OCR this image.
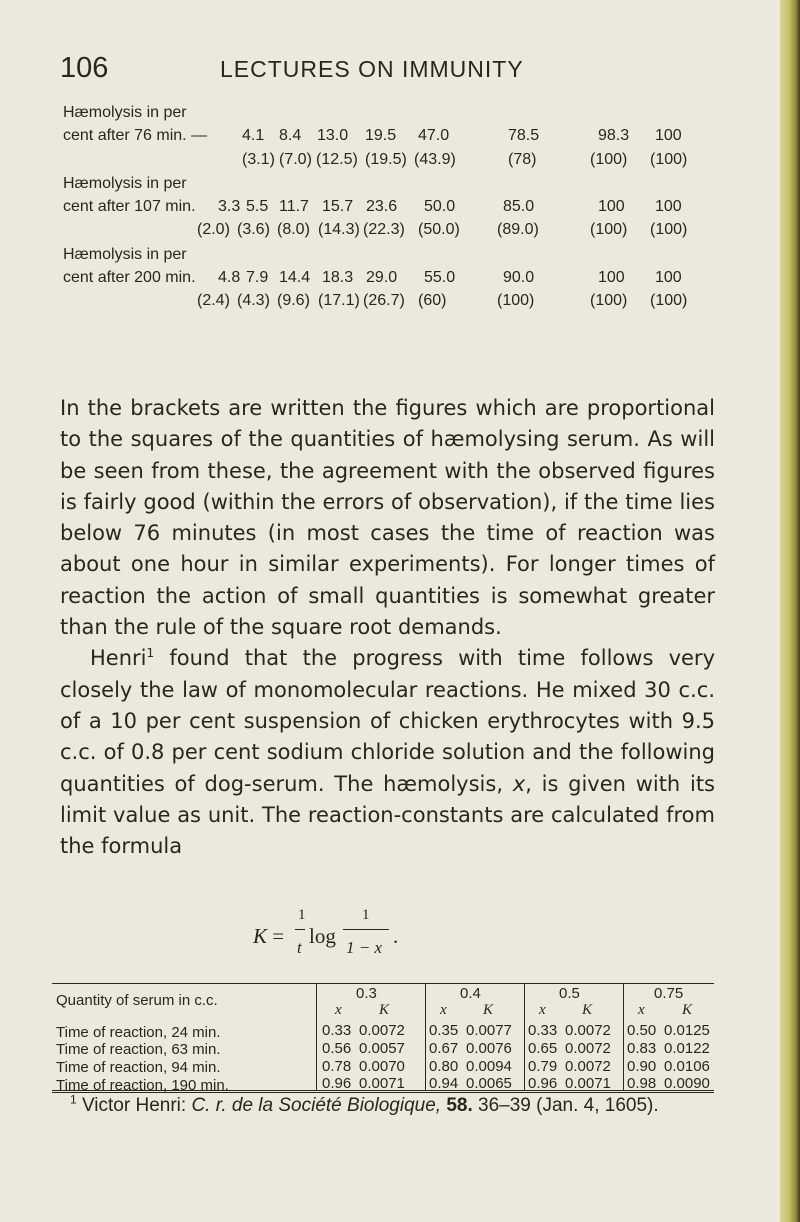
106	LECTURES ON IMMUNITY
Hæmolysis in per
cent after 76 min. — 4.1 8.4 13.0 19.5 47.0	78.5	98.3 100
(3.1) (7.0) (12.5) (19.5) (43.9)	(78)	(100) (100)
Hæmolysis in per
cent after 107 min. 3.3 5.5 11.7 15.7 23.6 50.0	85.0	100 100
(2.0) (3.6) (8.0) (14.3) (22.3) (50.0) (89.0)	(100) (100)
Hæmolysis in per
cent after 200 min. 4.8 7.9 14.4 18.3 29.0 55.0	90.0	100 100
(2.4) (4.3) (9.6) (17.1) (26.7) (60)	(100)	(100) (100)

In the brackets are written the figures which are proportional to the squares of the quantities of hæmolysing serum. As will be seen from these, the agreement with the observed figures is fairly good (within the errors of observation), if the time lies below 76 minutes (in most cases the time of reaction was about one hour in similar experiments). For longer times of reaction the action of small quantities is somewhat greater than the rule of the square root demands.

Henri$^1$ found that the progress with time follows very closely the law of monomolecular reactions. He mixed 30 c.c. of a 10 per cent suspension of chicken erythrocytes with 9.5 c.c. of 0.8 per cent sodium chloride solution and the following quantities of dog-serum. The hæmolysis, x, is given with its limit value as unit. The reaction-constants are calculated from the formula

K =
1
t log
1
1 − x .
Quantity of serum in c.c.	0.3	0.4	0.5	0.75
x K	x K	x K	x K
Time of reaction, 24 min.	0.33 0.0072 0.35 0.0077 0.33 0.0072 0.50 0.0125
Time of reaction, 63 min.	0.56 0.0057 0.67 0.0076 0.65 0.0072 0.83 0.0122
Time of reaction, 94 min.	0.78 0.0070 0.80 0.0094 0.79 0.0072 0.90 0.0106
Time of reaction, 190 min.	0.96 0.0071 0.94 0.0065 0.96 0.0071 0.98 0.0090
$^1$ Victor Henri: C. r. de la Société Biologique, 58. 36–39 (Jan. 4, 1605).
